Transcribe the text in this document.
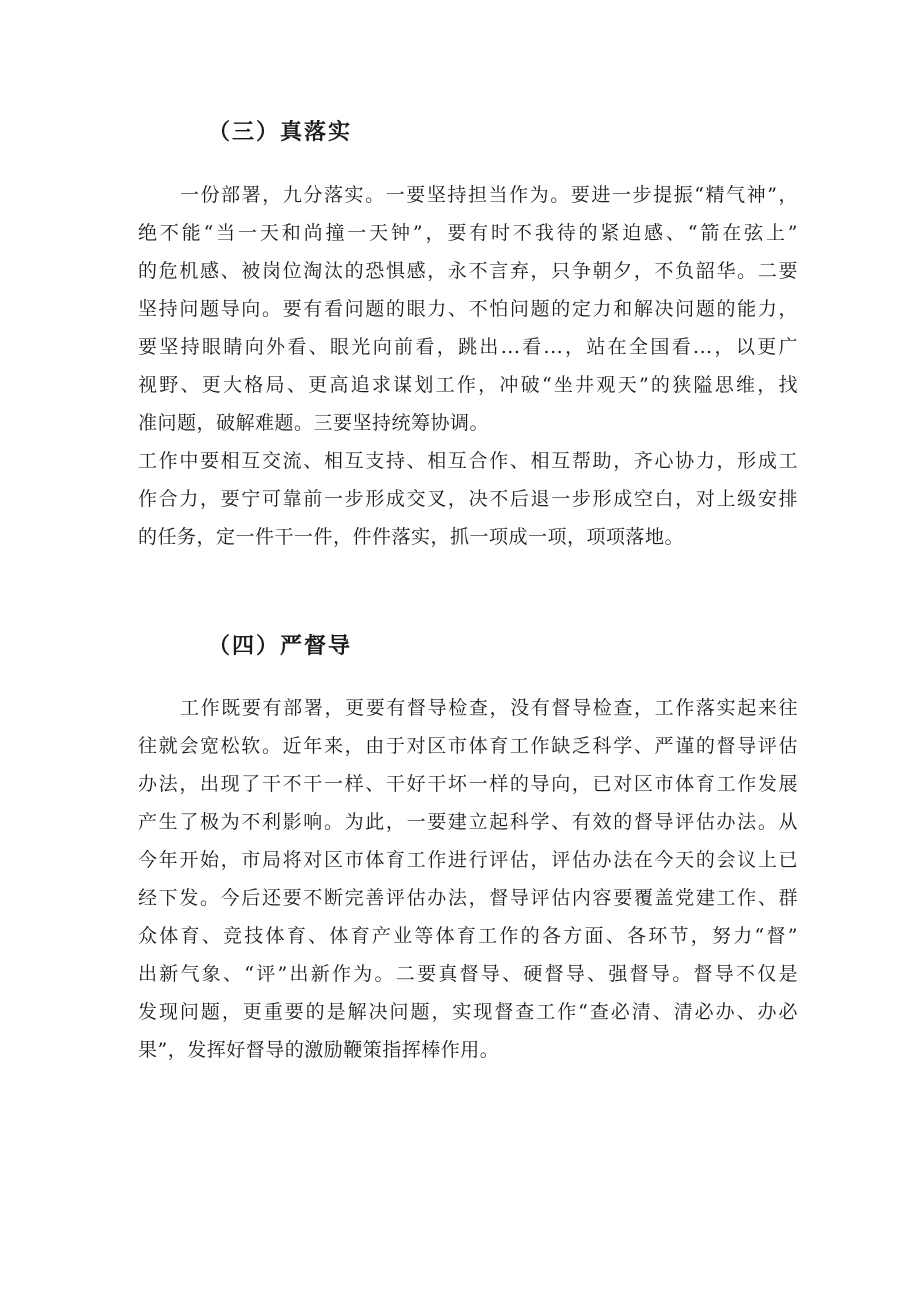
（三）真落实
一份部署，九分落实。一要坚持担当作为。要进一步提振“精气神”，
绝不能“当一天和尚撞一天钟”，要有时不我待的紧迫感、“箭在弦上”
的危机感、被岗位淘汰的恐惧感，永不言弃，只争朝夕，不负韶华。二要
坚持问题导向。要有看问题的眼力、不怕问题的定力和解决问题的能力，
要坚持眼睛向外看、眼光向前看，跳出...看...，站在全国看...，以更广
视野、更大格局、更高追求谋划工作，冲破“坐井观天”的狭隘思维，找
准问题，破解难题。三要坚持统筹协调。
工作中要相互交流、相互支持、相互合作、相互帮助，齐心协力，形成工
作合力，要宁可靠前一步形成交叉，决不后退一步形成空白，对上级安排
的任务，定一件干一件，件件落实，抓一项成一项，项项落地。
（四）严督导
工作既要有部署，更要有督导检查，没有督导检查，工作落实起来往
往就会宽松软。近年来，由于对区市体育工作缺乏科学、严谨的督导评估
办法，出现了干不干一样、干好干坏一样的导向，已对区市体育工作发展
产生了极为不利影响。为此，一要建立起科学、有效的督导评估办法。从
今年开始，市局将对区市体育工作进行评估，评估办法在今天的会议上已
经下发。今后还要不断完善评估办法，督导评估内容要覆盖党建工作、群
众体育、竞技体育、体育产业等体育工作的各方面、各环节，努力“督”
出新气象、“评”出新作为。二要真督导、硬督导、强督导。督导不仅是
发现问题，更重要的是解决问题，实现督查工作“查必清、清必办、办必
果”，发挥好督导的激励鞭策指挥棒作用。
